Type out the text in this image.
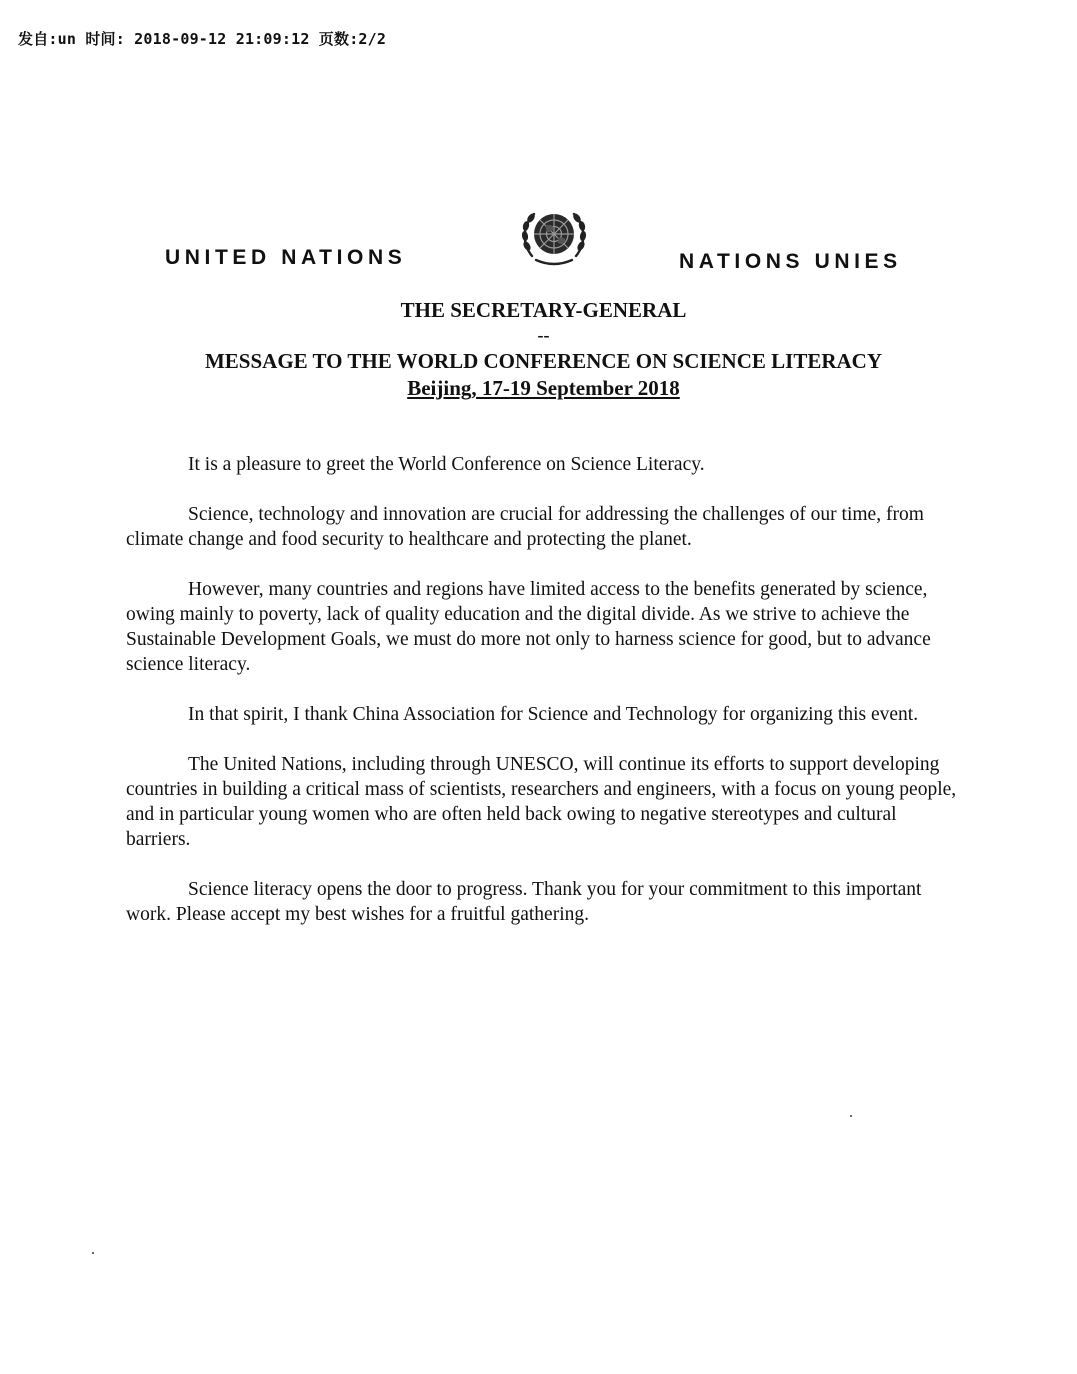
发自:un 时间: 2018-09-12 21:09:12 页数:2/2
UNITED NATIONS	NATIONS UNIES
THE SECRETARY-GENERAL
--
MESSAGE TO THE WORLD CONFERENCE ON SCIENCE LITERACY
Beijing, 17-19 September 2018

It is a pleasure to greet the World Conference on Science Literacy.

Science, technology and innovation are crucial for addressing the challenges of our time, from climate change and food security to healthcare and protecting the planet.

However, many countries and regions have limited access to the benefits generated by science, owing mainly to poverty, lack of quality education and the digital divide. As we strive to achieve the Sustainable Development Goals, we must do more not only to harness science for good, but to advance science literacy.

In that spirit, I thank China Association for Science and Technology for organizing this event.

The United Nations, including through UNESCO, will continue its efforts to support developing countries in building a critical mass of scientists, researchers and engineers, with a focus on young people, and in particular young women who are often held back owing to negative stereotypes and cultural barriers.

Science literacy opens the door to progress. Thank you for your commitment to this important work. Please accept my best wishes for a fruitful gathering.
